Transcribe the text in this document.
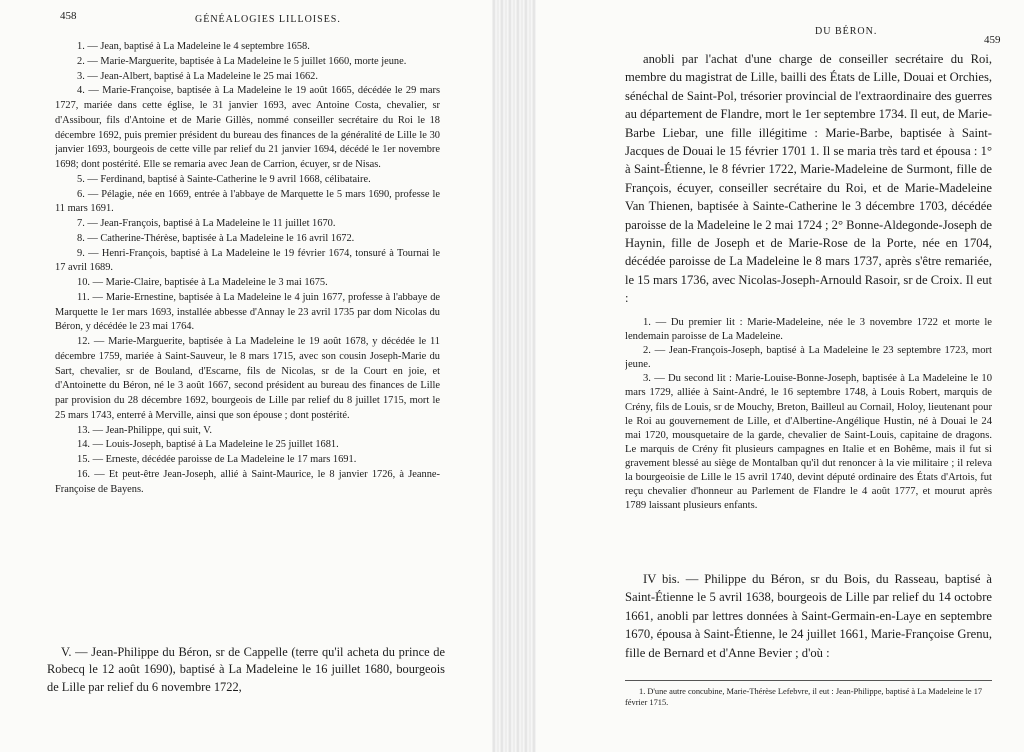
458	GÉNÉALOGIES LILLOISES.

1. — Jean, baptisé à La Madeleine le 4 septembre 1658.

2. — Marie-Marguerite, baptisée à La Madeleine le 5 juillet 1660, morte jeune.

3. — Jean-Albert, baptisé à La Madeleine le 25 mai 1662.

4. — Marie-Françoise, baptisée à La Madeleine le 19 août 1665, décédée le 29 mars 1727, mariée dans cette église, le 31 janvier 1693, avec Antoine Costa, chevalier, sr d'Assibour, fils d'Antoine et de Marie Gillès, nommé conseiller secrétaire du Roi le 18 décembre 1692, puis premier président du bureau des finances de la généralité de Lille le 30 janvier 1693, bourgeois de cette ville par relief du 21 janvier 1694, décédé le 1er novembre 1698; dont postérité. Elle se remaria avec Jean de Carrion, écuyer, sr de Nisas.

5. — Ferdinand, baptisé à Sainte-Catherine le 9 avril 1668, célibataire.

6. — Pélagie, née en 1669, entrée à l'abbaye de Marquette le 5 mars 1690, professe le 11 mars 1691.

7. — Jean-François, baptisé à La Madeleine le 11 juillet 1670.

8. — Catherine-Thérèse, baptisée à La Madeleine le 16 avril 1672.

9. — Henri-François, baptisé à La Madeleine le 19 février 1674, tonsuré à Tournai le 17 avril 1689.

10. — Marie-Claire, baptisée à La Madeleine le 3 mai 1675.

11. — Marie-Ernestine, baptisée à La Madeleine le 4 juin 1677, professe à l'abbaye de Marquette le 1er mars 1693, installée abbesse d'Annay le 23 avril 1735 par dom Nicolas du Béron, y décédée le 23 mai 1764.

12. — Marie-Marguerite, baptisée à La Madeleine le 19 août 1678, y décédée le 11 décembre 1759, mariée à Saint-Sauveur, le 8 mars 1715, avec son cousin Joseph-Marie du Sart, chevalier, sr de Bouland, d'Escarne, fils de Nicolas, sr de la Court en joie, et d'Antoinette du Béron, né le 3 août 1667, second président au bureau des finances de Lille par provision du 28 décembre 1692, bourgeois de Lille par relief du 8 juillet 1715, mort le 25 mars 1743, enterré à Merville, ainsi que son épouse ; dont postérité.

13. — Jean-Philippe, qui suit, V.

14. — Louis-Joseph, baptisé à La Madeleine le 25 juillet 1681.

15. — Erneste, décédée paroisse de La Madeleine le 17 mars 1691.

16. — Et peut-être Jean-Joseph, allié à Saint-Maurice, le 8 janvier 1726, à Jeanne-Françoise de Bayens.

V. — Jean-Philippe du Béron, sr de Cappelle (terre qu'il acheta du prince de Robecq le 12 août 1690), baptisé à La Madeleine le 16 juillet 1680, bourgeois de Lille par relief du 6 novembre 1722,

DU BÉRON.
459

anobli par l'achat d'une charge de conseiller secrétaire du Roi, membre du magistrat de Lille, bailli des États de Lille, Douai et Orchies, sénéchal de Saint-Pol, trésorier provincial de l'extraordinaire des guerres au département de Flandre, mort le 1er septembre 1734. Il eut, de Marie-Barbe Liebar, une fille illégitime : Marie-Barbe, baptisée à Saint-Jacques de Douai le 15 février 1701 1. Il se maria très tard et épousa : 1° à Saint-Étienne, le 8 février 1722, Marie-Madeleine de Surmont, fille de François, écuyer, conseiller secrétaire du Roi, et de Marie-Madeleine Van Thienen, baptisée à Sainte-Catherine le 3 décembre 1703, décédée paroisse de la Madeleine le 2 mai 1724 ; 2° Bonne-Aldegonde-Joseph de Haynin, fille de Joseph et de Marie-Rose de la Porte, née en 1704, décédée paroisse de La Madeleine le 8 mars 1737, après s'être remariée, le 15 mars 1736, avec Nicolas-Joseph-Arnould Rasoir, sr de Croix. Il eut :

1. — Du premier lit : Marie-Madeleine, née le 3 novembre 1722 et morte le lendemain paroisse de La Madeleine.

2. — Jean-François-Joseph, baptisé à La Madeleine le 23 septembre 1723, mort jeune.

3. — Du second lit : Marie-Louise-Bonne-Joseph, baptisée à La Madeleine le 10 mars 1729, alliée à Saint-André, le 16 septembre 1748, à Louis Robert, marquis de Crény, fils de Louis, sr de Mouchy, Breton, Bailleul au Cornail, Holoy, lieutenant pour le Roi au gouvernement de Lille, et d'Albertine-Angélique Hustin, né à Douai le 24 mai 1720, mousquetaire de la garde, chevalier de Saint-Louis, capitaine de dragons. Le marquis de Crény fit plusieurs campagnes en Italie et en Bohême, mais il fut si gravement blessé au siège de Montalban qu'il dut renoncer à la vie militaire ; il releva la bourgeoisie de Lille le 15 avril 1740, devint député ordinaire des États d'Artois, fut reçu chevalier d'honneur au Parlement de Flandre le 4 août 1777, et mourut après 1789 laissant plusieurs enfants.

IV bis. — Philippe du Béron, sr du Bois, du Rasseau, baptisé à Saint-Étienne le 5 avril 1638, bourgeois de Lille par relief du 14 octobre 1661, anobli par lettres données à Saint-Germain-en-Laye en septembre 1670, épousa à Saint-Étienne, le 24 juillet 1661, Marie-Françoise Grenu, fille de Bernard et d'Anne Bevier ; d'où :

1. D'une autre concubine, Marie-Thérèse Lefebvre, il eut : Jean-Philippe, baptisé à La Madeleine le 17 février 1715.
